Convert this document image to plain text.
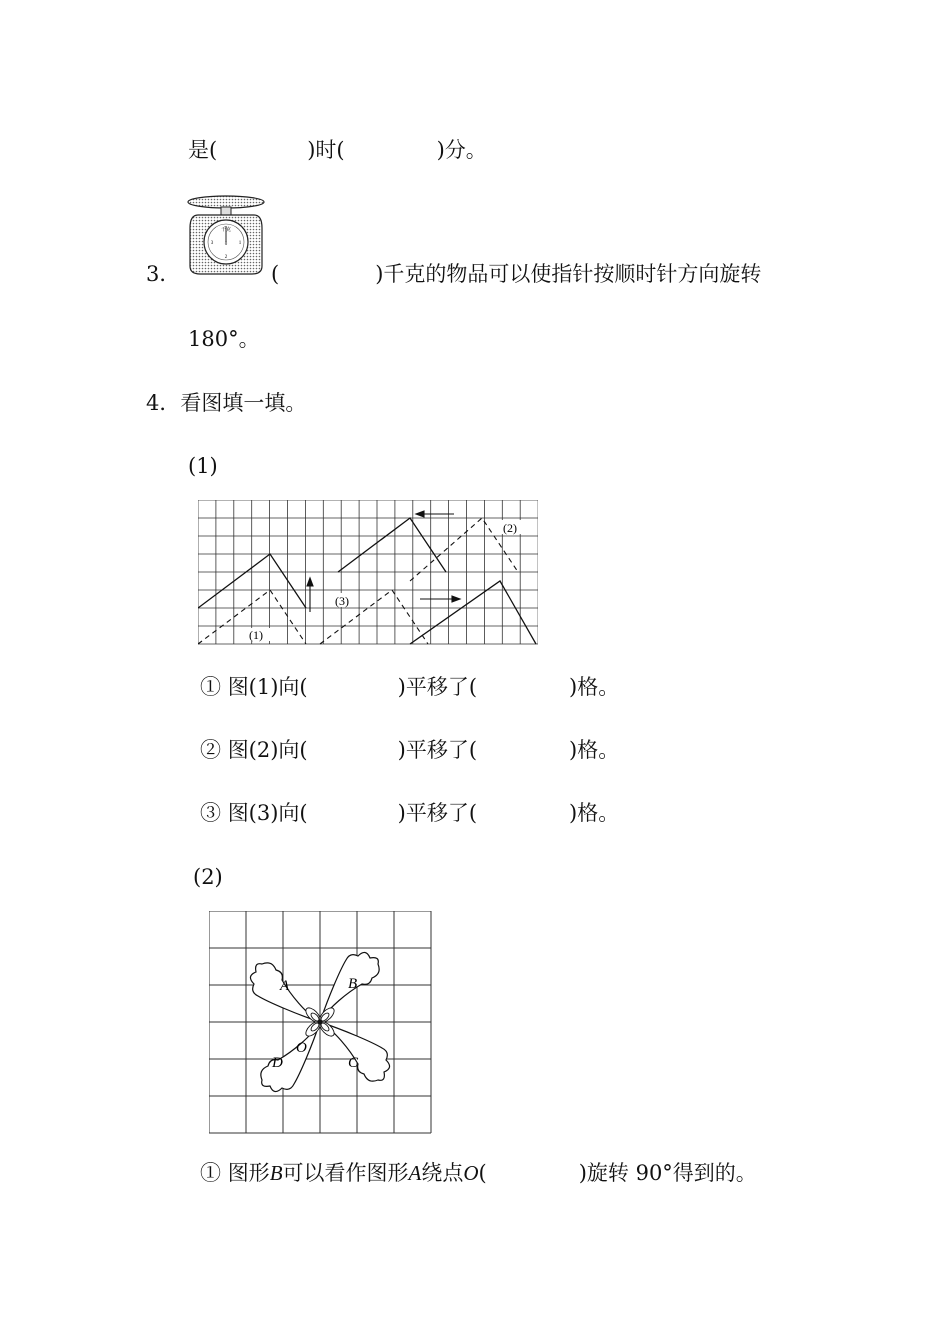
是(	)时(	)分。
3．
千克
3	1
2
0
(	)千克的物品可以使指针按顺时针方向旋转
180°。
4．看图填一填。
(1)
(1)
(2)
(3)
① 图(1)向(	)平移了(	)格。
② 图(2)向(	)平移了(	)格。
③ 图(3)向(	)平移了(	)格。
(2)
A	B
C
D
O
① 图形B可以看作图形A绕点O(	)旋转 90°得到的。
